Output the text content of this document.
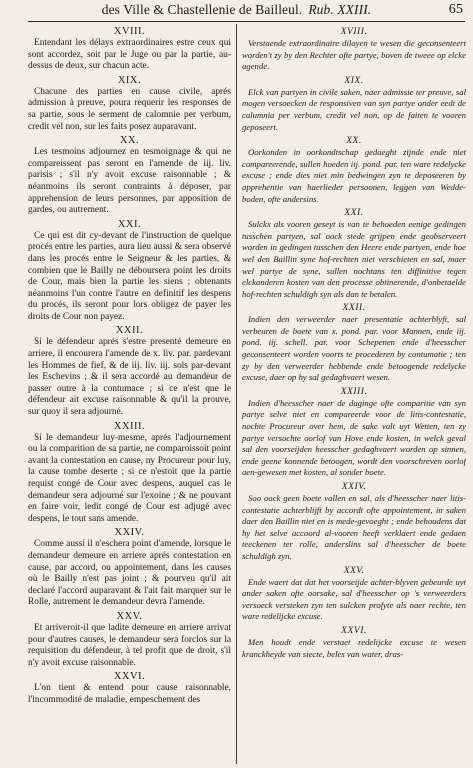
des Ville & Chastellenie de Bailleul. Rub. XXIII.	65
XVIII.
Entendant les délays extraordinaires estre ceux qui sont accordez, soit par le Juge ou par la partie, au-dessus de deux, sur chacun acte.
XIX.
Chacune des parties en cause civile, aprés admission à preuve, poura requerir les responses de sa partie, sous le serment de calomnie per verbum, credit vel non, sur les faits posez auparavant.
XX.
Les tesmoins adjournez en tesmoignage & qui ne compareissent pas seront en l'amende de iij. liv. parisis ; s'il n'y avoit excuse raisonnable ; & néanmoins ils seront contraints à déposer, par apprehension de leurs personnes, par apposition de gardes, ou autrement.
XXI.
Ce qui est dit cy-devant de l'instruction de quelque procés entre les parties, aura lieu aussi & sera observé dans les procés entre le Seigneur & les parties, & combien que le Bailly ne déboursera point les droits de Cour, mais bien la partie les siens ; obtenants néanmoins l'un contre l'autre en definitif les despens du procés, ils seront pour lors obligez de payer les droits de Cour non payez.
XXII.
Si le défendeur aprés s'estre presenté demeure en arriere, il encourera l'amende de x. liv. par. pardevant les Hommes de fief, & de iij. liv. iij. sols par-devant les Eschevins ; & il sera accordé au demandeur de passer outre à la contumace ; si ce n'est que le défendeur ait excuse raisonnable & qu'il la prouve, sur quoy il sera adjourné.
XXIII.
Si le demandeur luy-mesme, aprés l'adjournement ou la comparition de sa partie, ne comparoissoit point avant la contestation en cause, ny Procureur pour luy, la cause tombe deserte ; si ce n'estoit que la partie requist congé de Cour avec despens, auquel cas le demandeur sera adjourné sur l'exoine ; & ne pouvant en faire voir, ledit congé de Cour est adjugé avec despens, le tout sans amende.
XXIV.
Comme aussi il n'eschera point d'amende, lorsque le demandeur demeure en arriere aprés contestation en cause, par accord, ou appointement, dans les causes où le Bailly n'est pas joint ; & pourveu qu'il ait declaré l'accord auparavant & l'ait fait marquer sur le Rolle, autrement le demandeur devra l'amende.
XXV.
Et arriveroit-il que ladite demeure en arriere arrivat pour d'autres causes, le demandeur sera forclos sur la requisition du défendeur, à tel profit que de droit, s'il n'y avoit excuse raisonnable.
XXVI.
L'on tient & entend pour cause raisonnable, l'incommodité de maladie, empeschement des
XVIII.
Verstaende extraordinaire dilayen te wesen die geconsenteert worden't zy by den Rechter ofte partye, boven de tweee op elcke agende.
XIX.
Elck van partyen in civile saken, naer admissie ter preuve, sal mogen versoecken de responsiven van syn partye onder eedt de calumnia per verbum, credit vel non, op de faiten te vooren geposeert.
XX.
Oorkonden in oorkondtschap gedaeght zijnde ende niet compareerende, sullen hoeden iij. pond. par. ten ware redelycke excuse ; ende dies niet min bedwingen zyn te deposeeren by apprehentie van haerlieder persoonen, leggen van Wedde-boden, ofte andersins.
XXI.
Sulckx als vooren geseyt is van te behoeden eenige gedingen tusschen partyen, sal oock stede grijpen ende geobserveert worden in gedingen tusschen den Heere ende partyen, ende hoe wel den Baillin syne hof-rechten niet verschieten en sal, maer wel partye de syne, sullen nochtans ten diffinitive tegen elckanderen kosten van den processe obtinerende, d'onbetaelde hof-rechten schuldigh syn als dan te betalen.
XXII.
Indien den verweerder naer presentatie achterblyft, sal verbeuren de boete van x. pond. par. voor Mannen, ende iij. pond. iij. schell. par. voor Schepenen ende d'heesscher geconsenteert worden voorts te procederen by contumatie ; ten zy by den verweerder hebbende ende betoogende redelycke excuse, daer op hy sal gedaghvaert wesen.
XXIII.
Indien d'heesscher naer de daginge ofte comparitie van syn partye selve niet en compareerde voor de litis-contestatie, nochte Procureur over hem, de sake valt uyt Wetten, ten zy partye versochte oorlof van Hove ende kosten, in welck geval sal den voorseijden heesscher gedaghvaert worden op sinnen, ende geene konnende betoogen, wordt den voorschreven oorlof aen-gewesen met kosten, al sonder boete.
XXIV.
Soo oock geen boete vallen en sal, als d'heesscher naer litis-contestatie achterblijft by accordt ofte appointement, in saken daer den Baillin niet en is mede-gevoeght ; ende behoudens dat hy het selve accoord al-vooren heeft verklaert ende gedaen teeckenen ter rolle, anderslins sal d'heesscher de boete schuldigh zyn.
XXV.
Ende waert dat dat het voorseijde achter-blyven gebeurde uyt ander saken ofte oorsake, sal d'heesscher op 's verweerders versoeck versteken zyn ten sulcken profyte als naer rechte, ten ware redelijcke excuse.
XXVI.
Men houdt ende verstaet redelijcke excuse te wesen kranckheyde van siecte, beles van water, dras-
